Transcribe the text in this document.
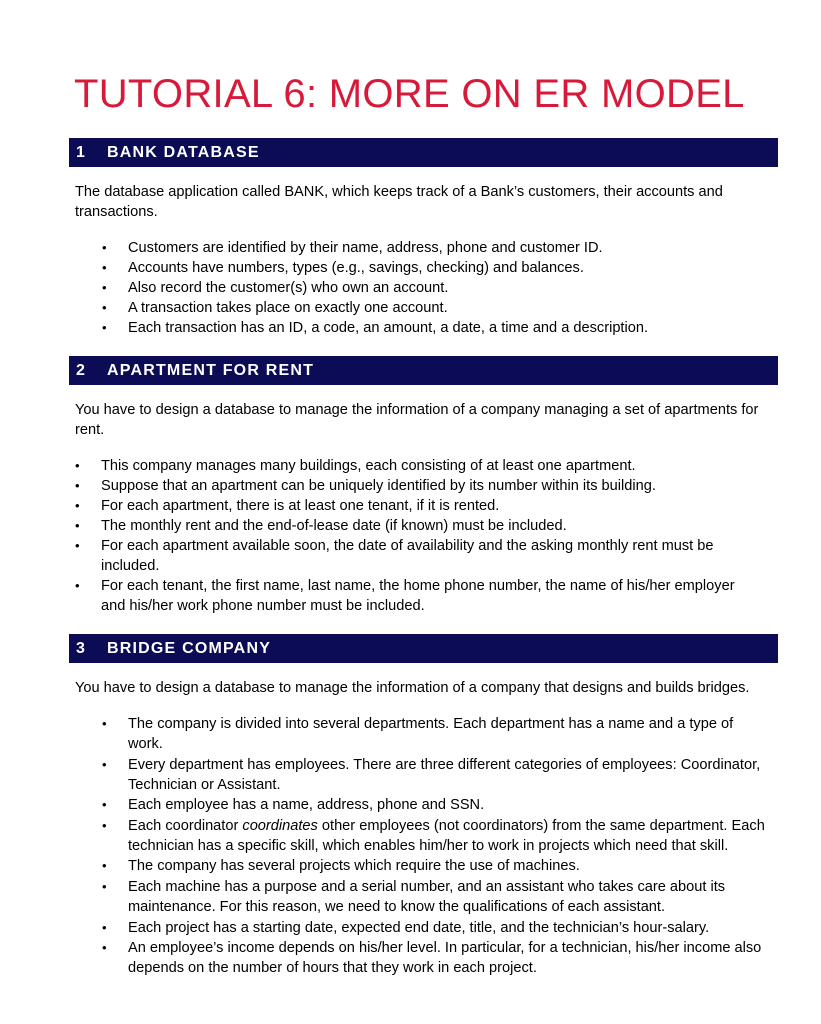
TUTORIAL 6: MORE ON ER MODEL
1 BANK DATABASE

The database application called BANK, which keeps track of a Bank’s customers, their accounts and transactions.

• Customers are identified by their name, address, phone and customer ID.
• Accounts have numbers, types (e.g., savings, checking) and balances.
• Also record the customer(s) who own an account.
• A transaction takes place on exactly one account.
• Each transaction has an ID, a code, an amount, a date, a time and a description.
2 APARTMENT FOR RENT

You have to design a database to manage the information of a company managing a set of apartments for rent.

• This company manages many buildings, each consisting of at least one apartment.
• Suppose that an apartment can be uniquely identified by its number within its building.
• For each apartment, there is at least one tenant, if it is rented.
• The monthly rent and the end-of-lease date (if known) must be included.
• For each apartment available soon, the date of availability and the asking monthly rent must be included.
• For each tenant, the first name, last name, the home phone number, the name of his/her employer and his/her work phone number must be included.
3 BRIDGE COMPANY

You have to design a database to manage the information of a company that designs and builds bridges.

• The company is divided into several departments. Each department has a name and a type of work.
• Every department has employees. There are three different categories of employees: Coordinator, Technician or Assistant.
• Each employee has a name, address, phone and SSN.
• Each coordinator coordinates other employees (not coordinators) from the same department. Each technician has a specific skill, which enables him/her to work in projects which need that skill.
• The company has several projects which require the use of machines.
• Each machine has a purpose and a serial number, and an assistant who takes care about its maintenance. For this reason, we need to know the qualifications of each assistant.
• Each project has a starting date, expected end date, title, and the technician’s hour-salary.
• An employee’s income depends on his/her level. In particular, for a technician, his/her income also depends on the number of hours that they work in each project.
